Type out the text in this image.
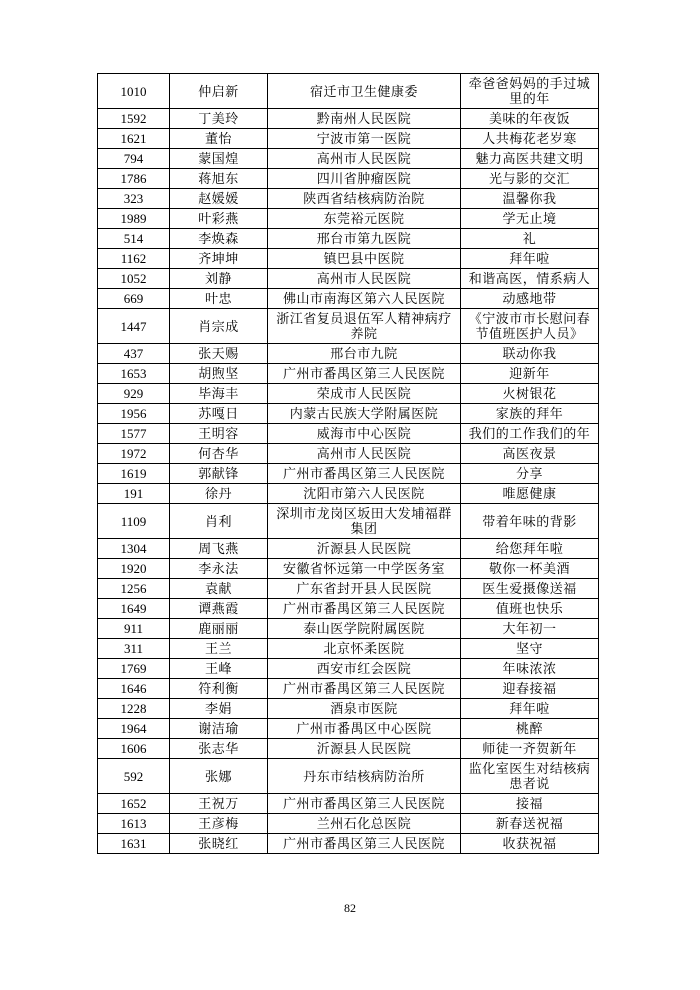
1010	仲启新	宿迁市卫生健康委	牵爸爸妈妈的手过城里的年
1592	丁美玲	黔南州人民医院	美味的年夜饭
1621	董怡	宁波市第一医院	人共梅花老岁寒
794	蒙国煌	高州市人民医院	魅力高医共建文明
1786	蒋旭东	四川省肿瘤医院	光与影的交汇
323	赵媛媛	陕西省结核病防治院	温馨你我
1989	叶彩燕	东莞裕元医院	学无止境
514	李焕森	邢台市第九医院	礼
1162	齐坤坤	镇巴县中医院	拜年啦
1052	刘静	高州市人民医院	和谐高医，情系病人
669	叶忠	佛山市南海区第六人民医院	动感地带
1447	肖宗成	浙江省复员退伍军人精神病疗养院	《宁波市市长慰问春节值班医护人员》
437	张天赐	邢台市九院	联动你我
1653	胡煦坚	广州市番禺区第三人民医院	迎新年
929	毕海丰	荣成市人民医院	火树银花
1956	苏嘎日	内蒙古民族大学附属医院	家族的拜年
1577	王明容	威海市中心医院	我们的工作我们的年
1972	何杏华	高州市人民医院	高医夜景
1619	郭献锋	广州市番禺区第三人民医院	分享
191	徐丹	沈阳市第六人民医院	唯愿健康
1109	肖利	深圳市龙岗区坂田大发埔福群集团	带着年味的背影
1304	周飞燕	沂源县人民医院	给您拜年啦
1920	李永法	安徽省怀远第一中学医务室	敬你一杯美酒
1256	袁献	广东省封开县人民医院	医生爱摄像送福
1649	谭燕霞	广州市番禺区第三人民医院	值班也快乐
911	鹿丽丽	泰山医学院附属医院	大年初一
311	王兰	北京怀柔医院	坚守
1769	王峰	西安市红会医院	年味浓浓
1646	符利衡	广州市番禺区第三人民医院	迎春接福
1228	李娟	酒泉市医院	拜年啦
1964	谢洁瑜	广州市番禺区中心医院	桃醉
1606	张志华	沂源县人民医院	师徒一齐贺新年
592	张娜	丹东市结核病防治所	监化室医生对结核病患者说
1652	王祝万	广州市番禺区第三人民医院	接福
1613	王彦梅	兰州石化总医院	新春送祝福
1631	张晓红	广州市番禺区第三人民医院	收获祝福
82
